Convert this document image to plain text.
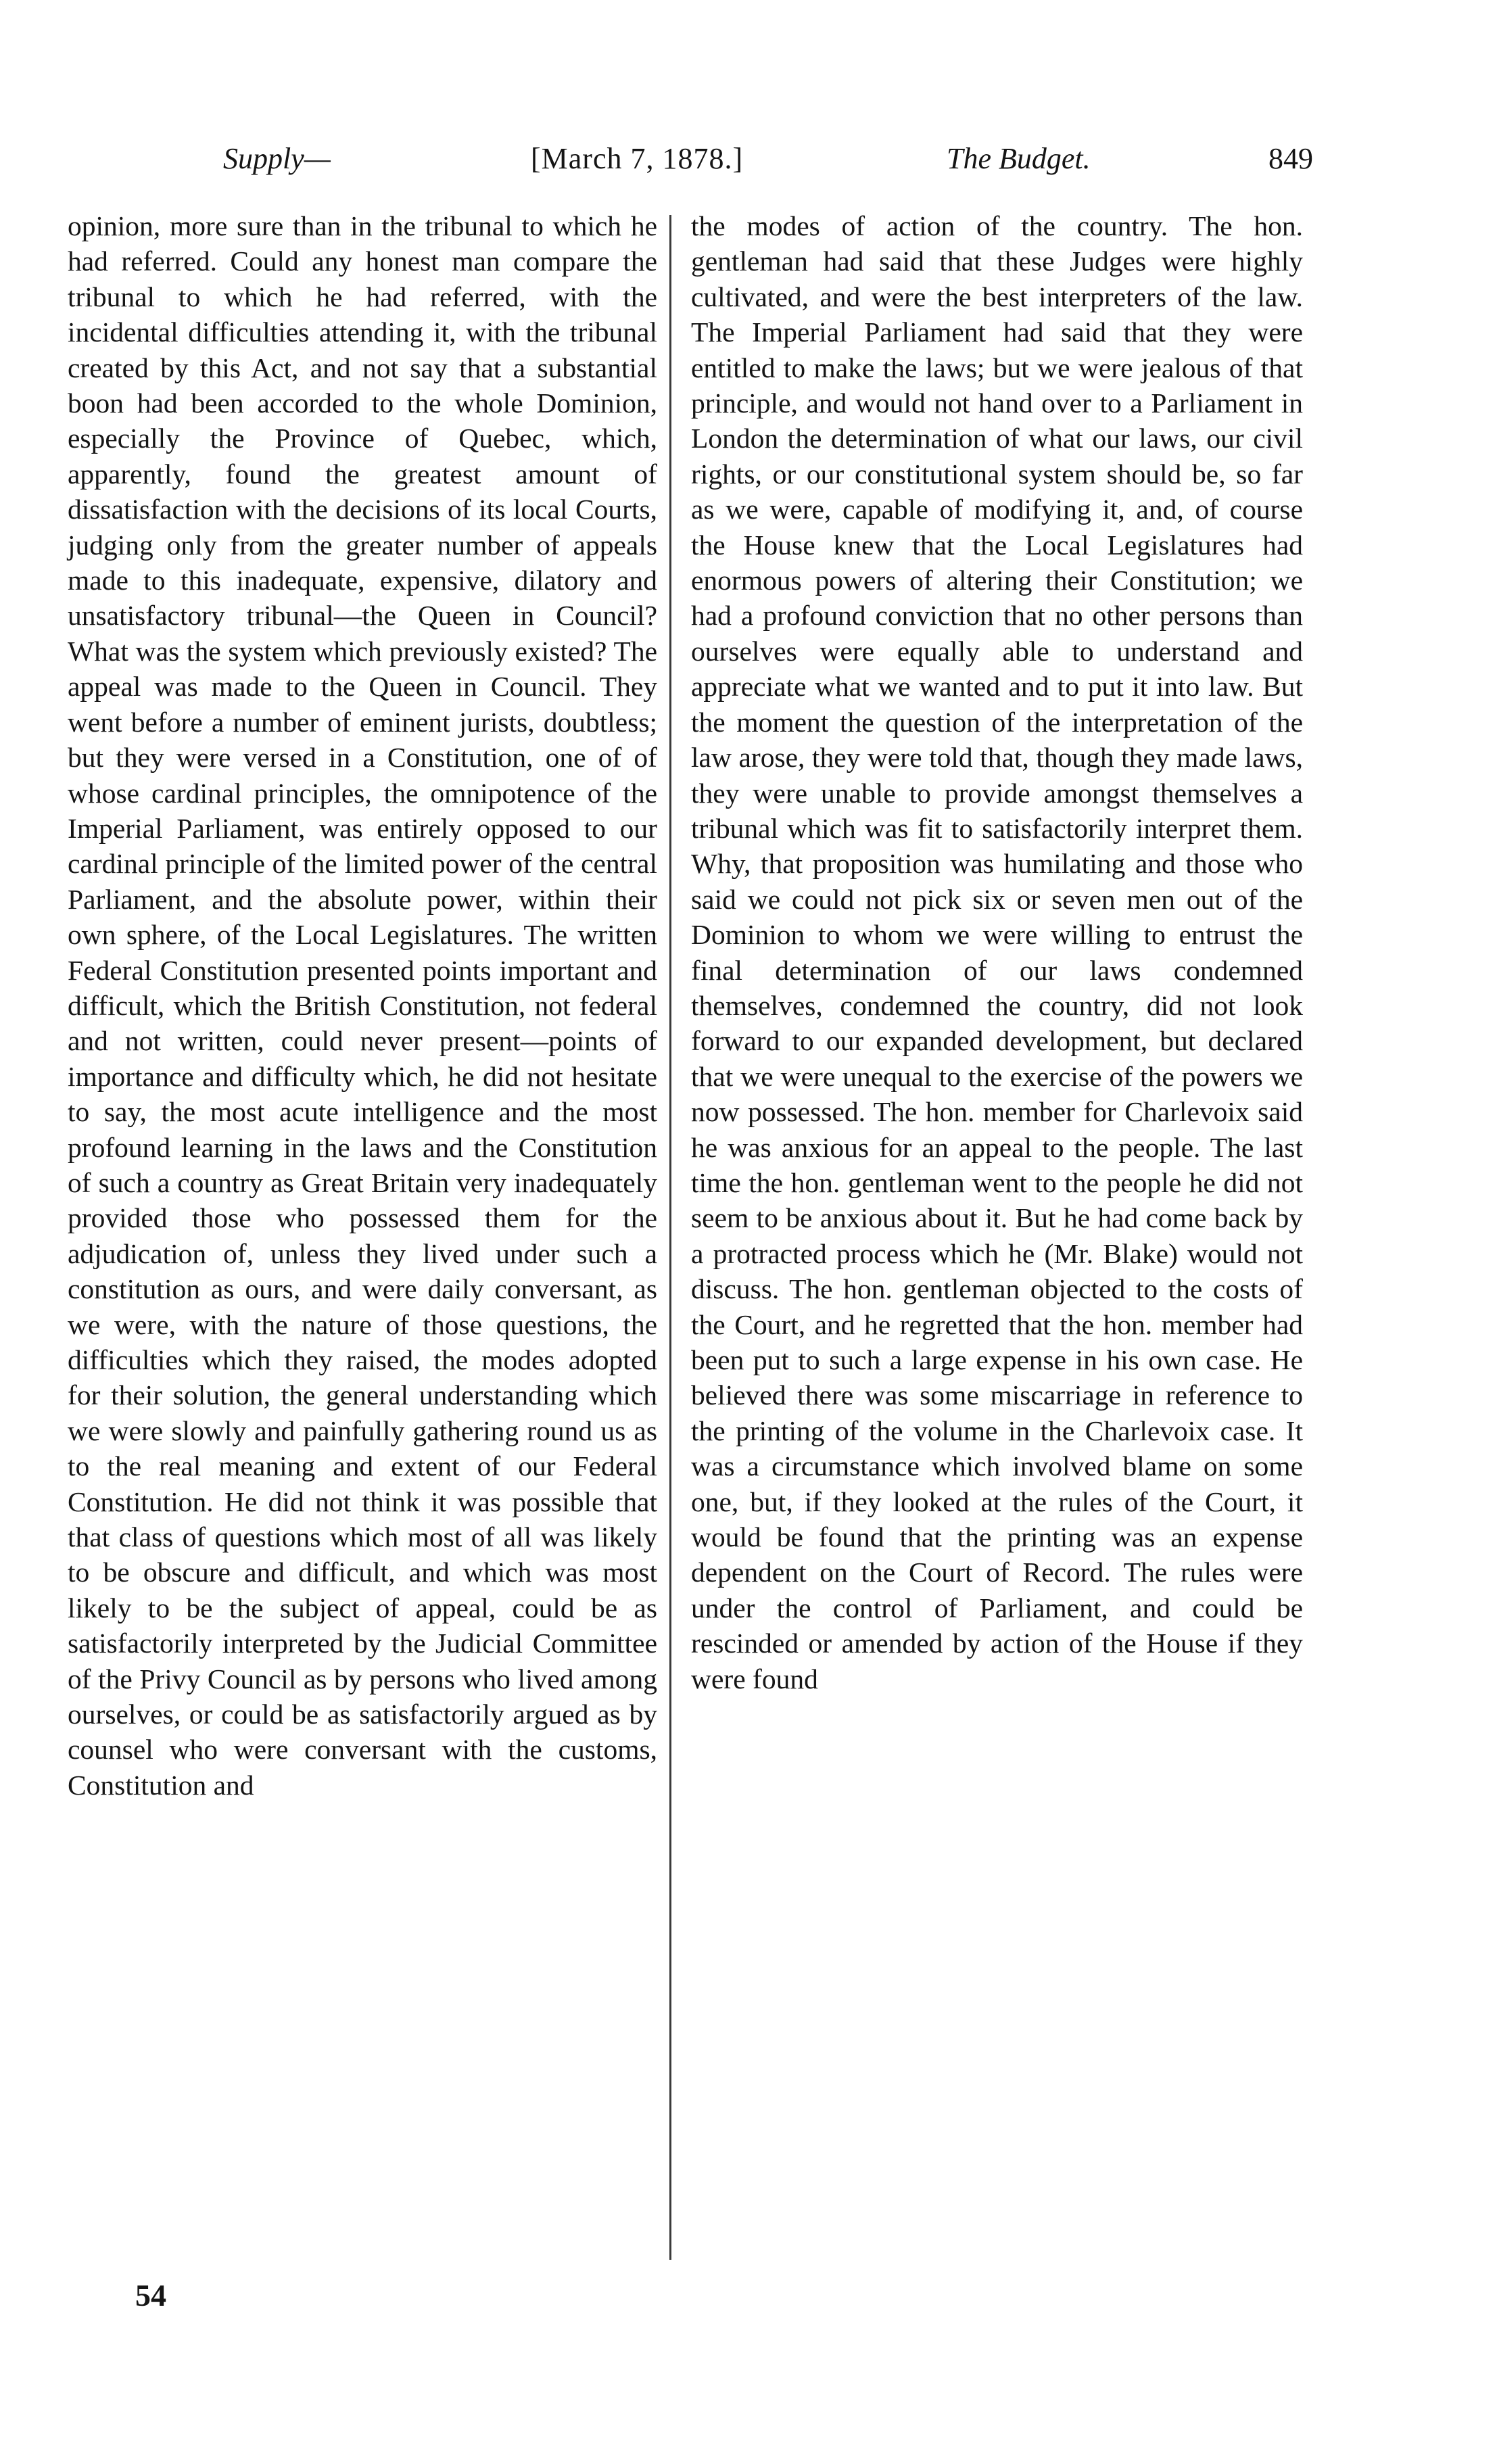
Supply—	[March 7, 1878.]	The Budget.	849

opinion, more sure than in the tribunal to which he had referred. Could any honest man compare the tribunal to which he had referred, with the incidental difficulties attending it, with the tribunal created by this Act, and not say that a substantial boon had been accorded to the whole Dominion, especially the Province of Quebec, which, apparently, found the greatest amount of dissatisfaction with the decisions of its local Courts, judging only from the greater number of appeals made to this inadequate, expensive, dilatory and unsatisfactory tribunal—the Queen in Council? What was the system which previously existed? The appeal was made to the Queen in Council. They went before a number of eminent jurists, doubtless; but they were versed in a Constitution, one of of whose cardinal principles, the omnipotence of the Imperial Parliament, was entirely opposed to our cardinal principle of the limited power of the central Parliament, and the absolute power, within their own sphere, of the Local Legislatures. The written Federal Constitution presented points important and difficult, which the British Constitution, not federal and not written, could never present—points of importance and difficulty which, he did not hesitate to say, the most acute intelligence and the most profound learning in the laws and the Constitution of such a country as Great Britain very inadequately provided those who possessed them for the adjudication of, unless they lived under such a constitution as ours, and were daily conversant, as we were, with the nature of those questions, the difficulties which they raised, the modes adopted for their solution, the general understanding which we were slowly and painfully gathering round us as to the real meaning and extent of our Federal Constitution. He did not think it was possible that that class of questions which most of all was likely to be obscure and difficult, and which was most likely to be the subject of appeal, could be as satisfactorily interpreted by the Judicial Committee of the Privy Council as by persons who lived among ourselves, or could be as satisfactorily argued as by counsel who were conversant with the customs, Constitution and

the modes of action of the country. The hon. gentleman had said that these Judges were highly cultivated, and were the best interpreters of the law. The Imperial Parliament had said that they were entitled to make the laws; but we were jealous of that principle, and would not hand over to a Parliament in London the determination of what our laws, our civil rights, or our constitutional system should be, so far as we were, capable of modifying it, and, of course the House knew that the Local Legislatures had enormous powers of altering their Constitution; we had a profound conviction that no other persons than ourselves were equally able to understand and appreciate what we wanted and to put it into law. But the moment the question of the interpretation of the law arose, they were told that, though they made laws, they were unable to provide amongst themselves a tribunal which was fit to satisfactorily interpret them. Why, that proposition was humilating and those who said we could not pick six or seven men out of the Dominion to whom we were willing to entrust the final determination of our laws condemned themselves, condemned the country, did not look forward to our expanded development, but declared that we were unequal to the exercise of the powers we now possessed. The hon. member for Charlevoix said he was anxious for an appeal to the people. The last time the hon. gentleman went to the people he did not seem to be anxious about it. But he had come back by a protracted process which he (Mr. Blake) would not discuss. The hon. gentleman objected to the costs of the Court, and he regretted that the hon. member had been put to such a large expense in his own case. He believed there was some miscarriage in reference to the printing of the volume in the Charlevoix case. It was a circumstance which involved blame on some one, but, if they looked at the rules of the Court, it would be found that the printing was an expense dependent on the Court of Record. The rules were under the control of Parliament, and could be rescinded or amended by action of the House if they were found

54
